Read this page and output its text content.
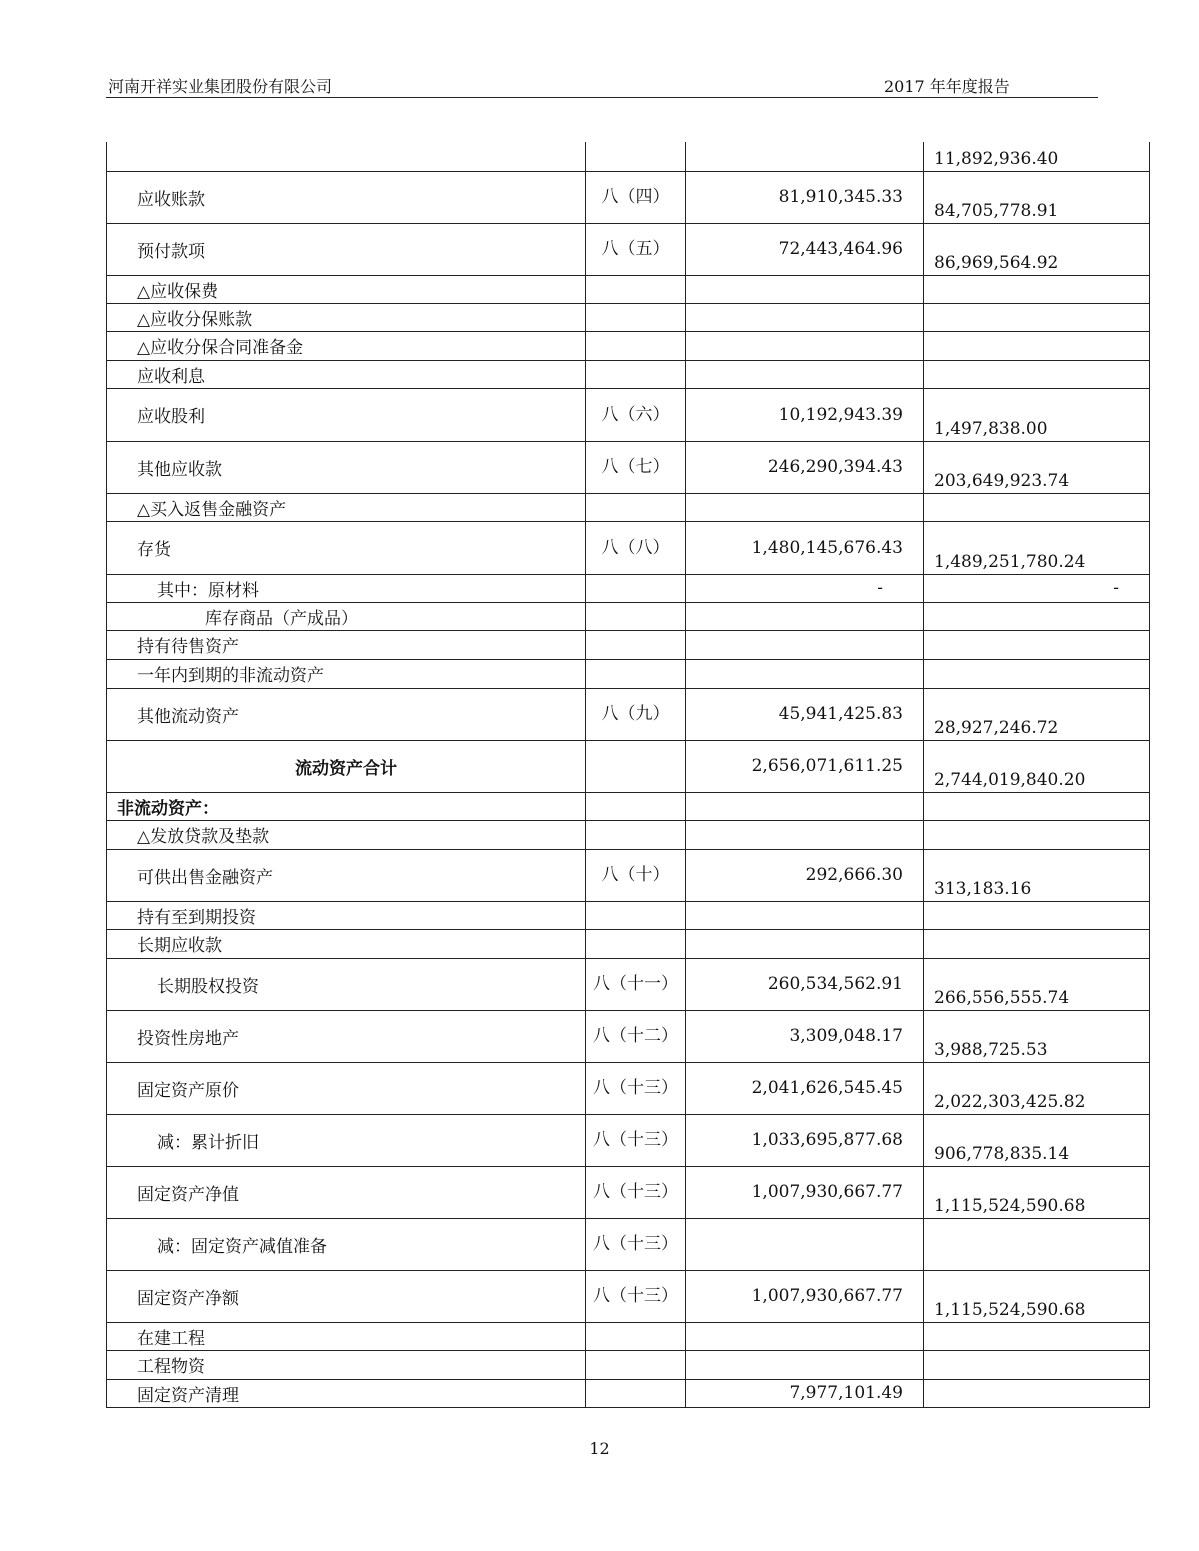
河南开祥实业集团股份有限公司	2017 年年度报告
			11,892,936.40
应收账款	八（四）	81,910,345.33	84,705,778.91
预付款项	八（五）	72,443,464.96	86,969,564.92
△应收保费			
△应收分保账款			
△应收分保合同准备金			
应收利息			
应收股利	八（六）	10,192,943.39	1,497,838.00
其他应收款	八（七）	246,290,394.43	203,649,923.74
△买入返售金融资产			
存货	八（八）	1,480,145,676.43	1,489,251,780.24
其中：原材料		-	-
库存商品（产成品）			
持有待售资产			
一年内到期的非流动资产			
其他流动资产	八（九）	45,941,425.83	28,927,246.72
流动资产合计		2,656,071,611.25	2,744,019,840.20
非流动资产：			
△发放贷款及垫款			
可供出售金融资产	八（十）	292,666.30	313,183.16
持有至到期投资			
长期应收款			
长期股权投资	八（十一）	260,534,562.91	266,556,555.74
投资性房地产	八（十二）	3,309,048.17	3,988,725.53
固定资产原价	八（十三）	2,041,626,545.45	2,022,303,425.82
减：累计折旧	八（十三）	1,033,695,877.68	906,778,835.14
固定资产净值	八（十三）	1,007,930,667.77	1,115,524,590.68
减：固定资产减值准备	八（十三）		
固定资产净额	八（十三）	1,007,930,667.77	1,115,524,590.68
在建工程			
工程物资			
固定资产清理		7,977,101.49	
12
